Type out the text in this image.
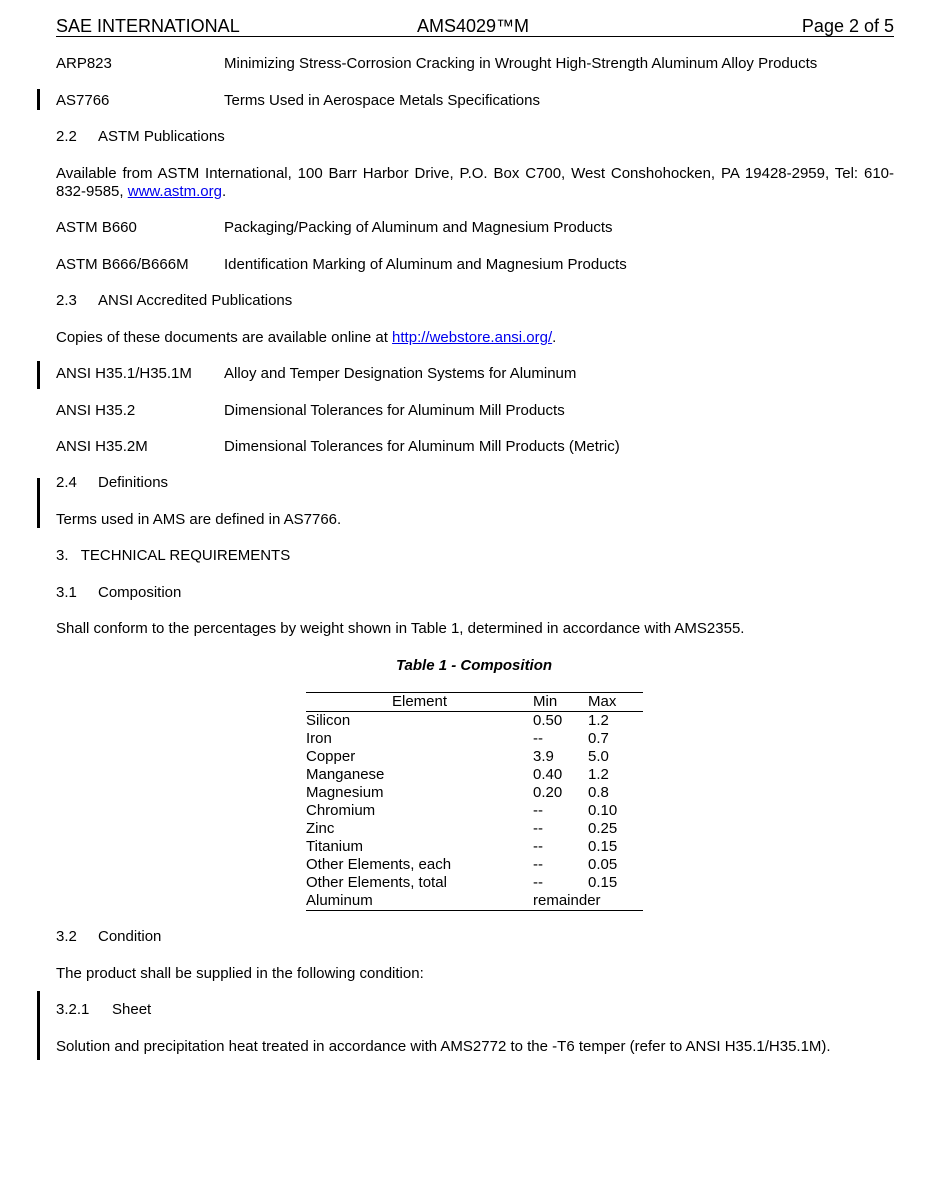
SAE INTERNATIONAL	AMS4029™M	Page 2 of 5
ARP823	Minimizing Stress-Corrosion Cracking in Wrought High-Strength Aluminum Alloy Products
AS7766	Terms Used in Aerospace Metals Specifications
2.2 ASTM Publications
Available from ASTM International, 100 Barr Harbor Drive, P.O. Box C700, West Conshohocken, PA 19428-2959, Tel: 610-832-9585, www.astm.org.
ASTM B660	Packaging/Packing of Aluminum and Magnesium Products
ASTM B666/B666M Identification Marking of Aluminum and Magnesium Products
2.3 ANSI Accredited Publications
Copies of these documents are available online at http://webstore.ansi.org/.
ANSI H35.1/H35.1M Alloy and Temper Designation Systems for Aluminum
ANSI H35.2	Dimensional Tolerances for Aluminum Mill Products
ANSI H35.2M	Dimensional Tolerances for Aluminum Mill Products (Metric)
2.4 Definitions
Terms used in AMS are defined in AS7766.
3.   TECHNICAL REQUIREMENTS
3.1 Composition
Shall conform to the percentages by weight shown in Table 1, determined in accordance with AMS2355.
Table 1 - Composition
Element	Min	Max
Silicon	0.50	1.2
Iron	--	0.7
Copper	3.9	5.0
Manganese	0.40	1.2
Magnesium	0.20	0.8
Chromium	--	0.10
Zinc	--	0.25
Titanium	--	0.15
Other Elements, each	--	0.05
Other Elements, total	--	0.15
Aluminum	remainder	
3.2 Condition
The product shall be supplied in the following condition:
3.2.1 Sheet
Solution and precipitation heat treated in accordance with AMS2772 to the -T6 temper (refer to ANSI H35.1/H35.1M).
